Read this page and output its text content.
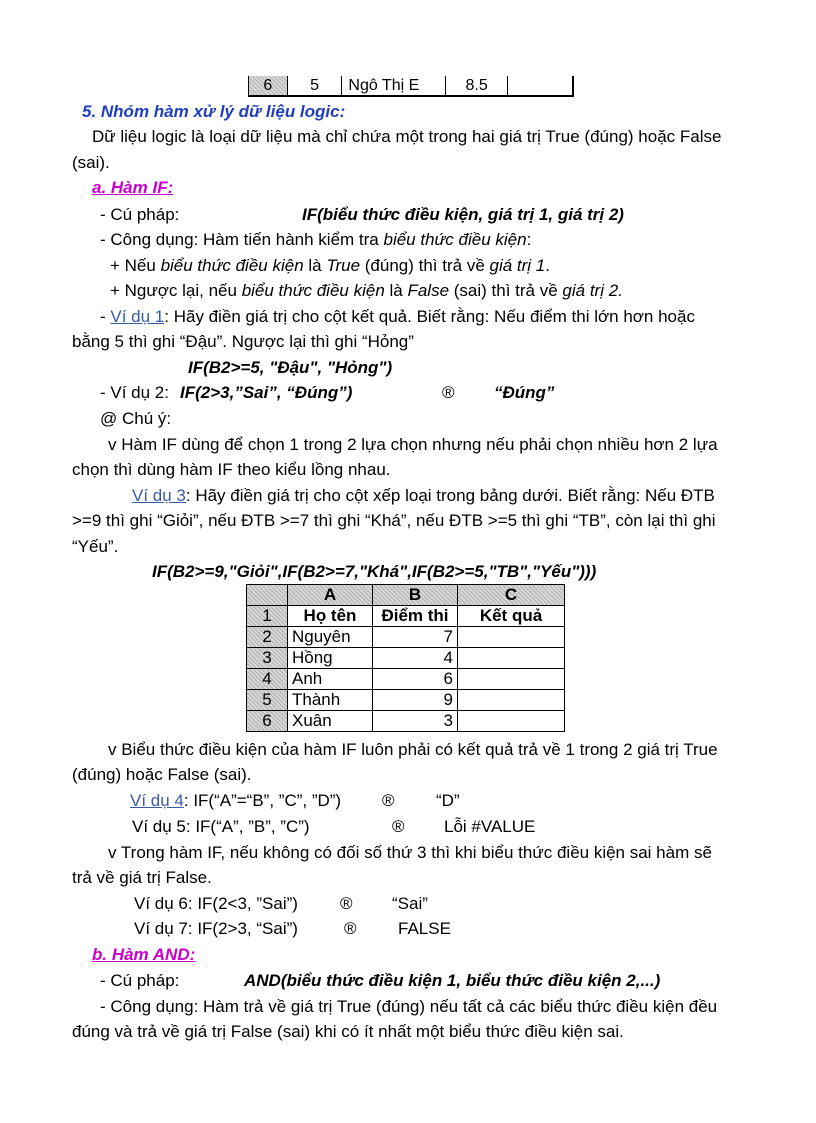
6	5	Ngô Thị E	8.5
5. Nhóm hàm xử lý dữ liệu logic:
Dữ liệu logic là loại dữ liệu mà chỉ chứa một trong hai giá trị True (đúng) hoặc False
(sai).
a. Hàm IF:
- Cú pháp:	IF(biểu thức điều kiện, giá trị 1, giá trị 2)
- Công dụng: Hàm tiến hành kiểm tra biểu thức điều kiện:
+ Nếu biểu thức điều kiện là True (đúng) thì trả về giá trị 1.
+ Ngược lại, nếu biểu thức điều kiện là False (sai) thì trả về giá trị 2.
- Ví dụ 1: Hãy điền giá trị cho cột kết quả. Biết rằng: Nếu điểm thi lớn hơn hoặc
bằng 5 thì ghi “Đậu”. Ngược lại thì ghi “Hỏng”
IF(B2>=5, "Đậu", "Hỏng")
- Ví dụ 2: IF(2>3,”Sai”, “Đúng”)	® “Đúng”
@ Chú ý:
v Hàm IF dùng để chọn 1 trong 2 lựa chọn nhưng nếu phải chọn nhiều hơn 2 lựa
chọn thì dùng hàm IF theo kiểu lồng nhau.
Ví dụ 3: Hãy điền giá trị cho cột xếp loại trong bảng dưới. Biết rằng: Nếu ĐTB
>=9 thì ghi “Giỏi”, nếu ĐTB >=7 thì ghi “Khá”, nếu ĐTB >=5 thì ghi “TB”, còn lại thì ghi
“Yếu”.
IF(B2>=9,"Giỏi",IF(B2>=7,"Khá",IF(B2>=5,"TB","Yếu")))
	A	B	C
1	Họ tên	Điểm thi	Kết quả
2	Nguyên	7	
3	Hồng	4	
4	Anh	6	
5	Thành	9	
6	Xuân	3	
v Biểu thức điều kiện của hàm IF luôn phải có kết quả trả về 1 trong 2 giá trị True
(đúng) hoặc False (sai).
Ví dụ 4: IF(“A”=“B”, ”C”, ”D”) ® “D”
Ví dụ 5: IF(“A”, ”B”, ”C”)	® Lỗi #VALUE
v Trong hàm IF, nếu không có đối số thứ 3 thì khi biểu thức điều kiện sai hàm sẽ
trả về giá trị False.
Ví dụ 6: IF(2<3, ”Sai”) ® “Sai”
Ví dụ 7: IF(2>3, “Sai”)	® FALSE
b. Hàm AND:
- Cú pháp:	AND(biểu thức điều kiện 1, biểu thức điều kiện 2,...)
- Công dụng: Hàm trả về giá trị True (đúng) nếu tất cả các biểu thức điều kiện đều
đúng và trả về giá trị False (sai) khi có ít nhất một biểu thức điều kiện sai.
